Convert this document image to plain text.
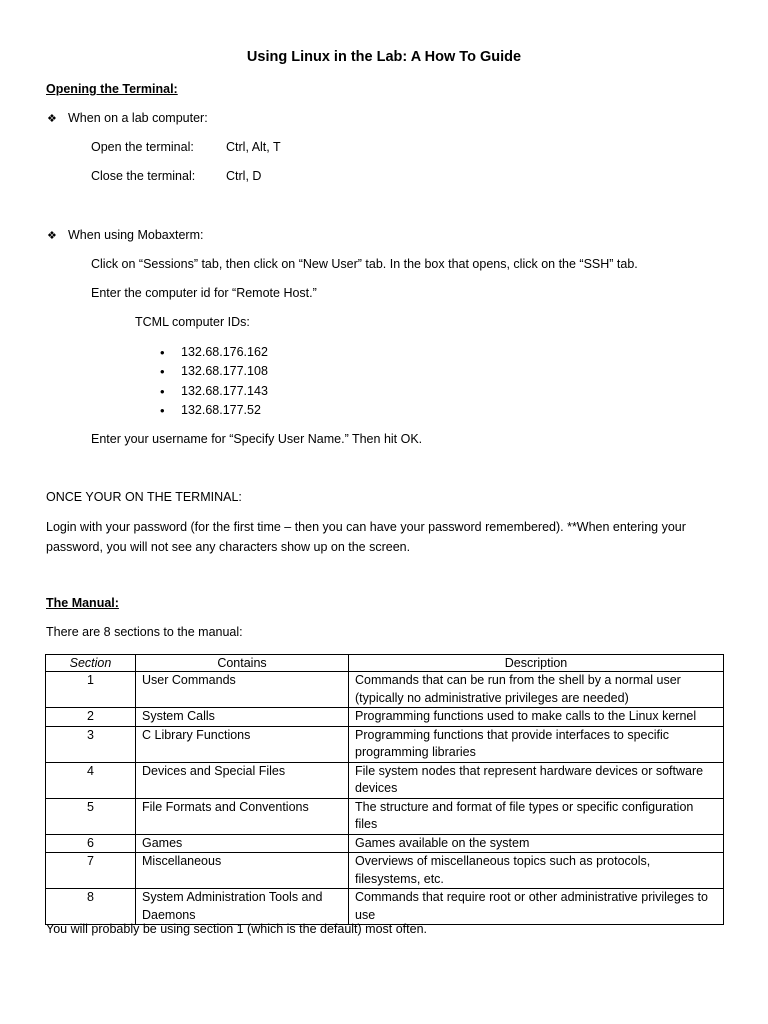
Using Linux in the Lab: A How To Guide
Opening the Terminal:
❖ When on a lab computer:
Open the terminal:	Ctrl, Alt, T
Close the terminal: Ctrl, D
❖ When using Mobaxterm:
Click on “Sessions” tab, then click on “New User” tab. In the box that opens, click on the “SSH” tab.
Enter the computer id for “Remote Host.”
TCML computer IDs:
• 132.68.176.162
• 132.68.177.108
• 132.68.177.143
• 132.68.177.52
Enter your username for “Specify User Name.” Then hit OK.
ONCE YOUR ON THE TERMINAL:
Login with your password (for the first time – then you can have your password remembered). **When entering your password, you will not see any characters show up on the screen.
The Manual:
There are 8 sections to the manual:
Section	Contains	Description
1	User Commands	Commands that can be run from the shell by a normal user (typically no administrative privileges are needed)
2	System Calls	Programming functions used to make calls to the Linux kernel
3	C Library Functions	Programming functions that provide interfaces to specific programming libraries
4	Devices and Special Files	File system nodes that represent hardware devices or software devices
5	File Formats and Conventions	The structure and format of file types or specific configuration files
6	Games	Games available on the system
7	Miscellaneous	Overviews of miscellaneous topics such as protocols, filesystems, etc.
8	System Administration Tools and Daemons	Commands that require root or other administrative privileges to use
You will probably be using section 1 (which is the default) most often.
